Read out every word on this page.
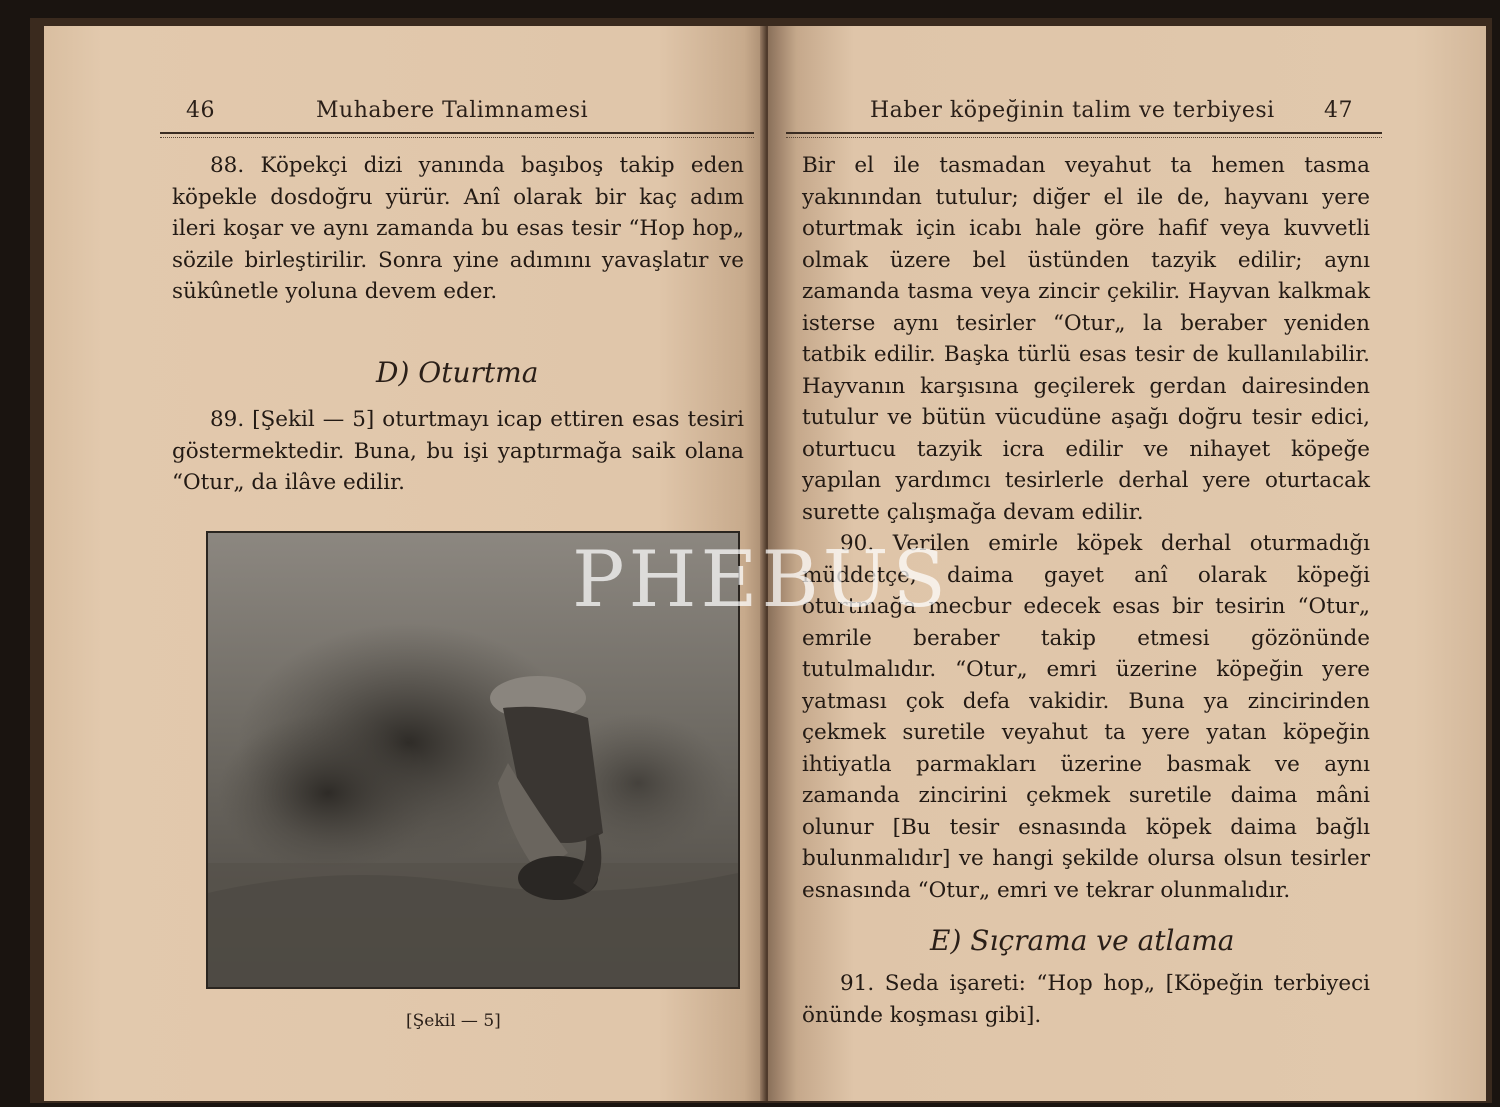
46	Muhabere Talimnamesi

88. Köpekçi dizi yanında başıboş takip eden köpekle dosdoğru yürür. Anî olarak bir kaç adım ileri koşar ve aynı zamanda bu esas tesir “Hop hop„ sözile birleştirilir. Sonra yine adımını yavaşlatır ve sükûnetle yoluna devem eder.

D) Oturtma

89. [Şekil — 5] oturtmayı icap ettiren esas tesiri göstermektedir. Buna, bu işi yaptırmağa saik olana “Otur„ da ilâve edilir.

[Şekil — 5]
Haber köpeğinin talim ve terbiyesi 47

Bir el ile tasmadan veyahut ta hemen tasma yakınından tutulur; diğer el ile de, hayvanı yere oturtmak için icabı hale göre hafif veya kuvvetli olmak üzere bel üstünden tazyik edilir; aynı zamanda tasma veya zincir çekilir. Hayvan kalkmak isterse aynı tesirler “Otur„ la beraber yeniden tatbik edilir. Başka türlü esas tesir de kullanılabilir. Hayvanın karşısına geçilerek gerdan dairesinden tutulur ve bütün vücudüne aşağı doğru tesir edici, oturtucu tazyik icra edilir ve nihayet köpeğe yapılan yardımcı tesirlerle derhal yere oturtacak surette çalışmağa devam edilir.

90. Verilen emirle köpek derhal oturmadığı müddetçe, daima gayet anî olarak köpeği oturtmağa mecbur edecek esas bir tesirin “Otur„ emrile beraber takip etmesi gözönünde tutulmalıdır. “Otur„ emri üzerine köpeğin yere yatması çok defa vakidir. Buna ya zincirinden çekmek suretile veyahut ta yere yatan köpeğin ihtiyatla parmakları üzerine basmak ve aynı zamanda zincirini çekmek suretile daima mâni olunur [Bu tesir esnasında köpek daima bağlı bulunmalıdır] ve hangi şekilde olursa olsun tesirler esnasında “Otur„ emri ve tekrar olunmalıdır.

E) Sıçrama ve atlama

91. Seda işareti: “Hop hop„ [Köpeğin terbiyeci önünde koşması gibi].

PHEBUS
